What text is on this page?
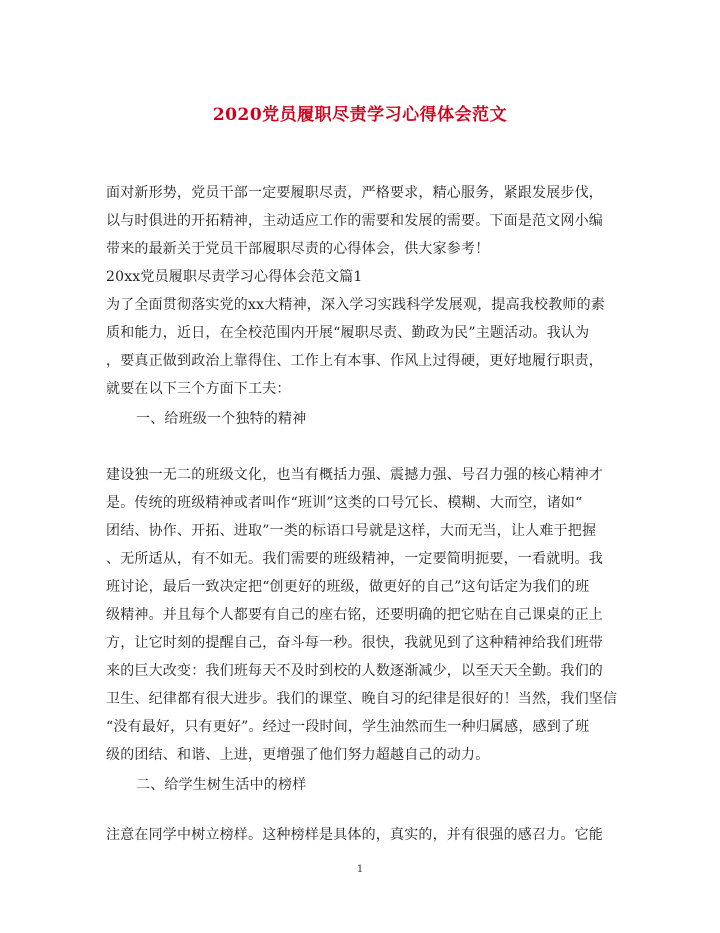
2020党员履职尽责学习心得体会范文
面对新形势，党员干部一定要履职尽责，严格要求，精心服务，紧跟发展步伐，
以与时俱进的开拓精神，主动适应工作的需要和发展的需要。下面是范文网小编
带来的最新关于党员干部履职尽责的心得体会，供大家参考！
20xx党员履职尽责学习心得体会范文篇1
为了全面贯彻落实党的xx大精神，深入学习实践科学发展观，提高我校教师的素
质和能力，近日，在全校范围内开展“履职尽责、勤政为民”主题活动。我认为
，要真正做到政治上靠得住、工作上有本事、作风上过得硬，更好地履行职责，
就要在以下三个方面下工夫：
一、给班级一个独特的精神
建设独一无二的班级文化，也当有概括力强、震撼力强、号召力强的核心精神才
是。传统的班级精神或者叫作“班训”这类的口号冗长、模糊、大而空，诸如“
团结、协作、开拓、进取”一类的标语口号就是这样，大而无当，让人难于把握
、无所适从，有不如无。我们需要的班级精神，一定要简明扼要，一看就明。我
班讨论，最后一致决定把“创更好的班级，做更好的自己”这句话定为我们的班
级精神。并且每个人都要有自己的座右铭，还要明确的把它贴在自己课桌的正上
方，让它时刻的提醒自己，奋斗每一秒。很快，我就见到了这种精神给我们班带
来的巨大改变：我们班每天不及时到校的人数逐渐减少，以至天天全勤。我们的
卫生、纪律都有很大进步。我们的课堂、晚自习的纪律是很好的！当然，我们坚信
“没有最好，只有更好”。经过一段时间，学生油然而生一种归属感，感到了班
级的团结、和谐、上进，更增强了他们努力超越自己的动力。
二、给学生树生活中的榜样
注意在同学中树立榜样。这种榜样是具体的，真实的，并有很强的感召力。它能
1
